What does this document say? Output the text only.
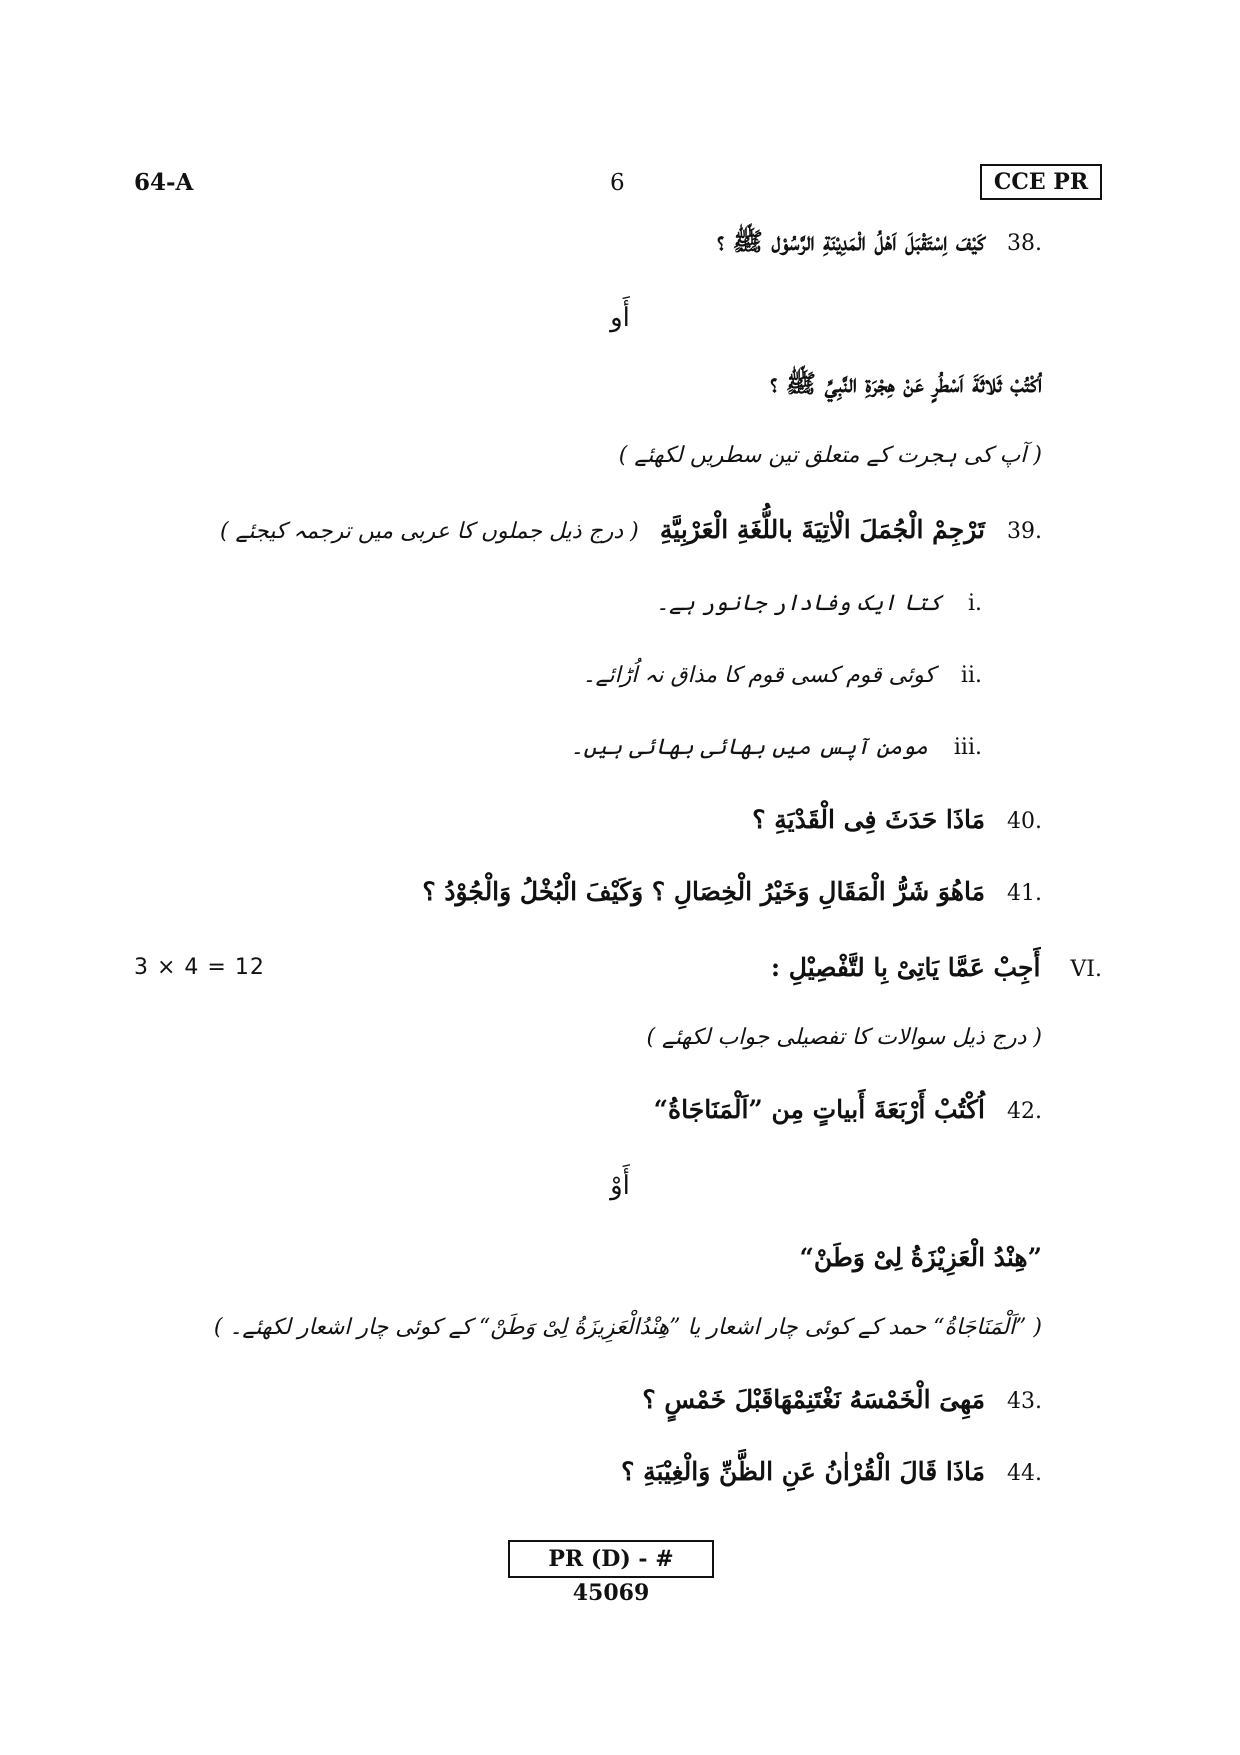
64-A	6	CCE PR
38.كَيْفَ اِسْتَقْبَلَ اَهْلُ الْمَدِيْنَةِ الرَّسُوْل ﷺ ؟
أَو
اُكْتُبْ ثَلاثَةَ اَسْطُرٍ عَنْ هِجْرَةِ النَّبِيِّ ﷺ ؟
( آپ کی ہجرت کے متعلق تین سطریں لکھئے )
39.تَرْجِمْ الْجُمَلَ الْاٰتِيَةَ باللُّغَةِ الْعَرْبِيَّةِ ( درج ذیل جملوں کا عربی میں ترجمہ کیجئے )
i.کتا ایک وفادار جانور ہے۔
ii.کوئی قوم کسی قوم کا مذاق نہ اُڑائے۔
iii.مومن آپس میں بھائی بھائی ہیں۔
40.مَاذَا حَدَثَ فِى الْقَدْيَةِ ؟
41.مَاهُوَ شَرُّ الْمَقَالِ وَخَيْرُ الْخِصَالِ ؟ وَكَيْفَ الْبُخْلُ وَالْجُوْدُ ؟
3 × 4 = 12	VI.أَجِبْ عَمَّا يَاتِىْ بِا لتَّفْصِيْلِ :
( درج ذیل سوالات کا تفصیلی جواب لکھئے )
42.اُكْتُبْ أَرْبَعَةَ أَبياتٍ مِن ”اَلْمَنَاجَاةُ“
أَوْ
”هِنْدُ الْعَزِيْزَةُ لِىْ وَطَنْ“
( ”اَلْمَنَاجَاةُ“ حمد کے کوئی چار اشعار یا ”هِنْدُالْعَزِيزَةُ لِىْ وَطَنْ“ کے کوئی چار اشعار لکھئے۔ )
43.مَهِىَ الْخَمْسَهُ نَغْتَنِمْهَاقَبْلَ خَمْسٍ ؟
44.مَاذَا قَالَ الْقُرْاٰنُ عَنِ الظَّنِّ وَالْغِيْبَةِ ؟
PR (D) - # 45069
